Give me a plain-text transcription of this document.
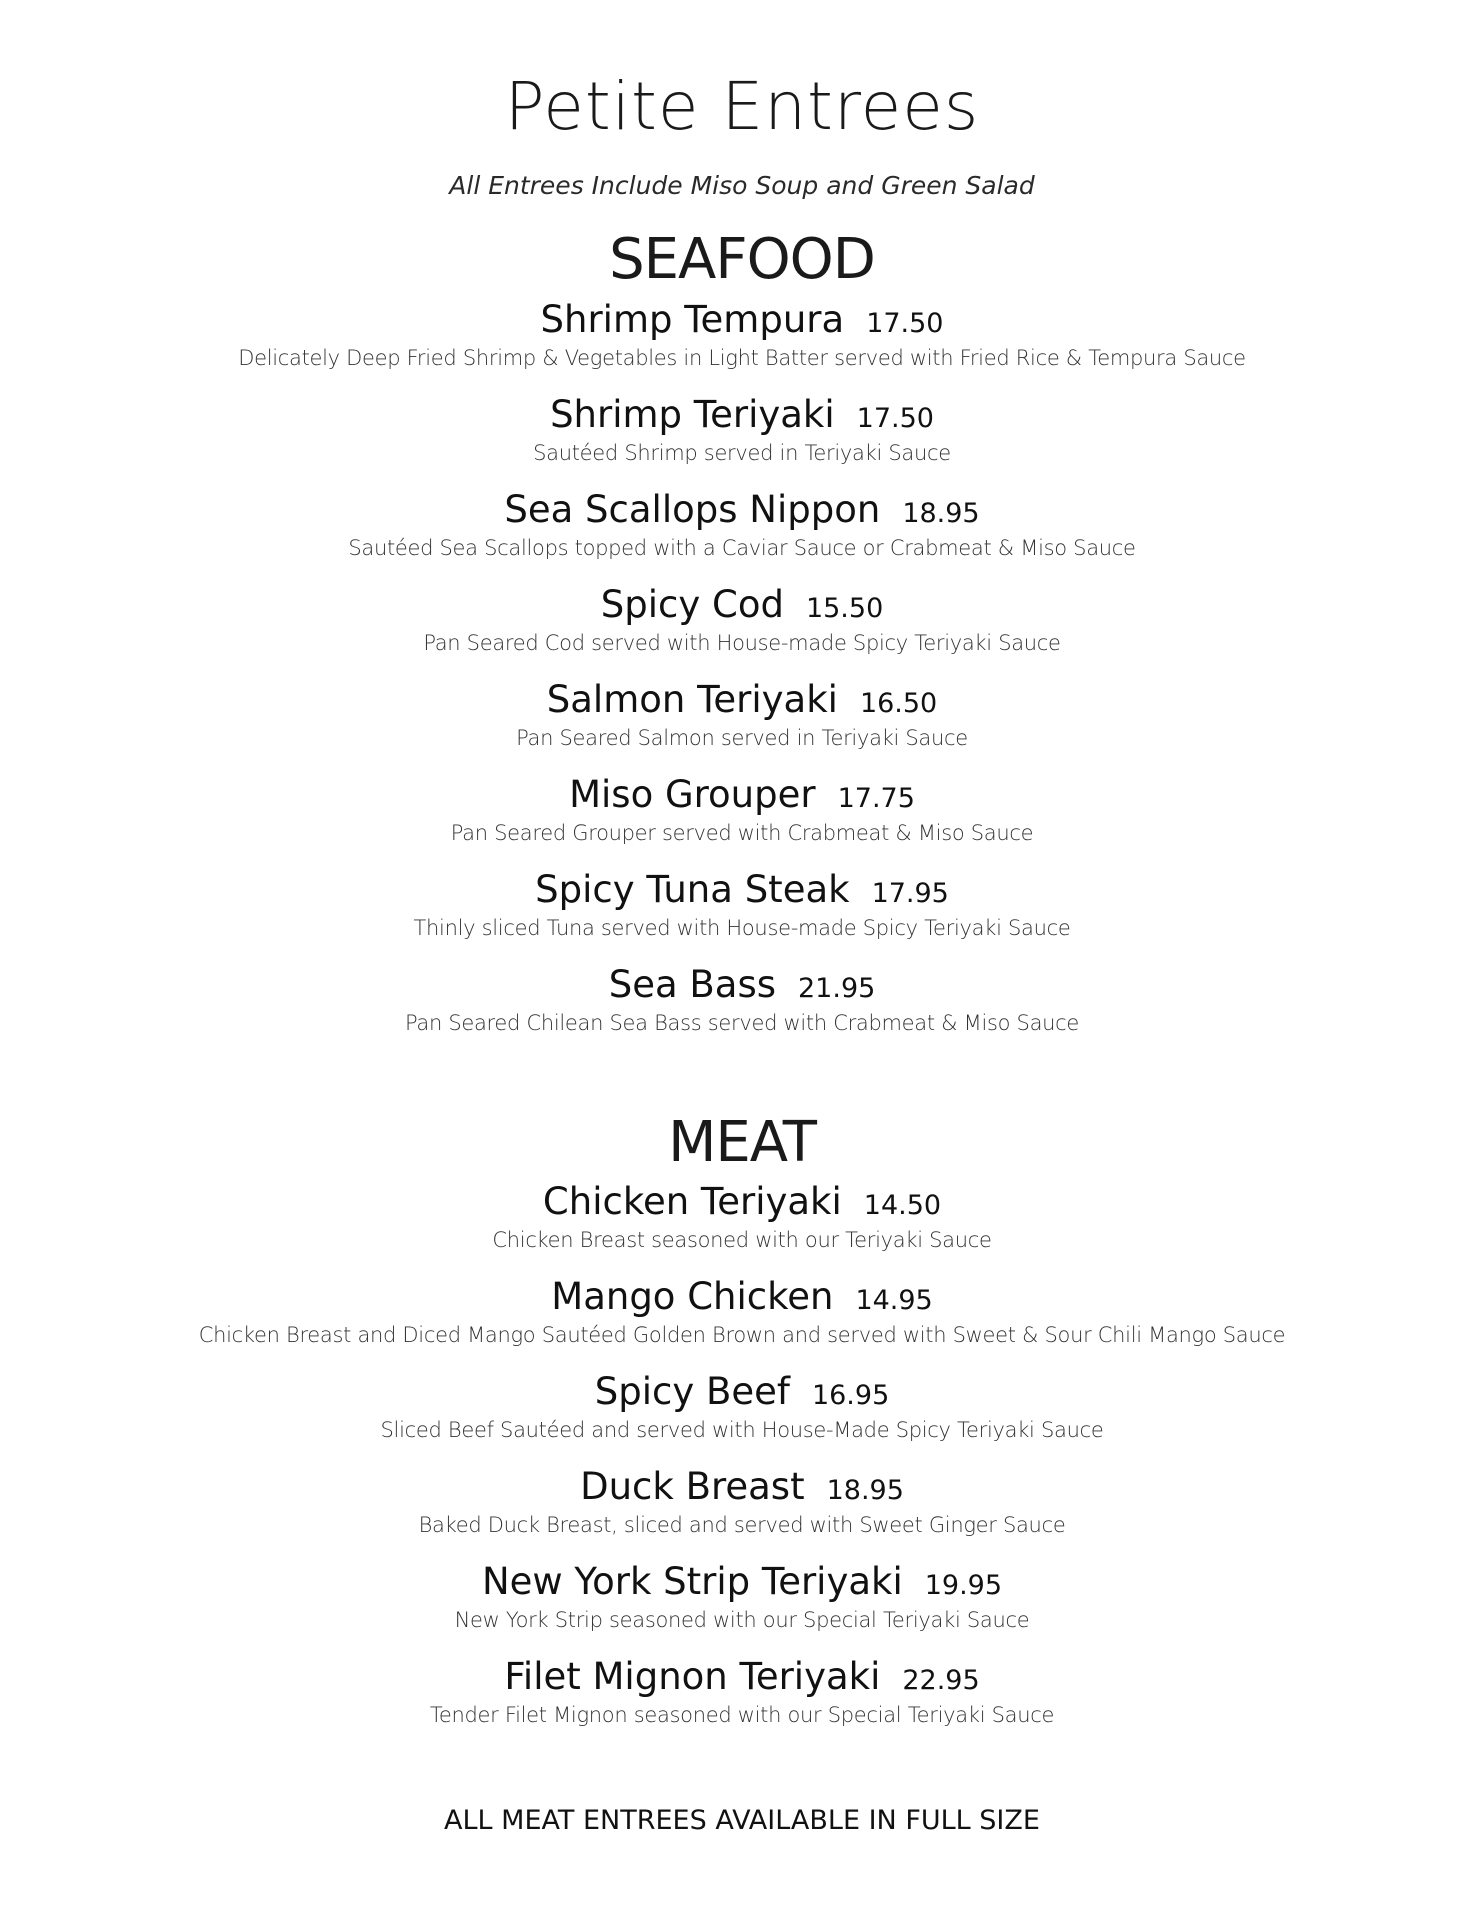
Petite Entrees

All Entrees Include Miso Soup and Green Salad

SEAFOOD
Shrimp Tempura 17.50
Delicately Deep Fried Shrimp & Vegetables in Light Batter served with Fried Rice & Tempura Sauce
Shrimp Teriyaki 17.50
Sautéed Shrimp served in Teriyaki Sauce
Sea Scallops Nippon 18.95
Sautéed Sea Scallops topped with a Caviar Sauce or Crabmeat & Miso Sauce
Spicy Cod 15.50
Pan Seared Cod served with House-made Spicy Teriyaki Sauce
Salmon Teriyaki 16.50
Pan Seared Salmon served in Teriyaki Sauce
Miso Grouper 17.75
Pan Seared Grouper served with Crabmeat & Miso Sauce
Spicy Tuna Steak 17.95
Thinly sliced Tuna served with House-made Spicy Teriyaki Sauce
Sea Bass 21.95
Pan Seared Chilean Sea Bass served with Crabmeat & Miso Sauce
MEAT
Chicken Teriyaki 14.50
Chicken Breast seasoned with our Teriyaki Sauce
Mango Chicken 14.95
Chicken Breast and Diced Mango Sautéed Golden Brown and served with Sweet & Sour Chili Mango Sauce
Spicy Beef 16.95
Sliced Beef Sautéed and served with House-Made Spicy Teriyaki Sauce
Duck Breast 18.95
Baked Duck Breast, sliced and served with Sweet Ginger Sauce
New York Strip Teriyaki 19.95
New York Strip seasoned with our Special Teriyaki Sauce
Filet Mignon Teriyaki 22.95
Tender Filet Mignon seasoned with our Special Teriyaki Sauce

ALL MEAT ENTREES AVAILABLE IN FULL SIZE
